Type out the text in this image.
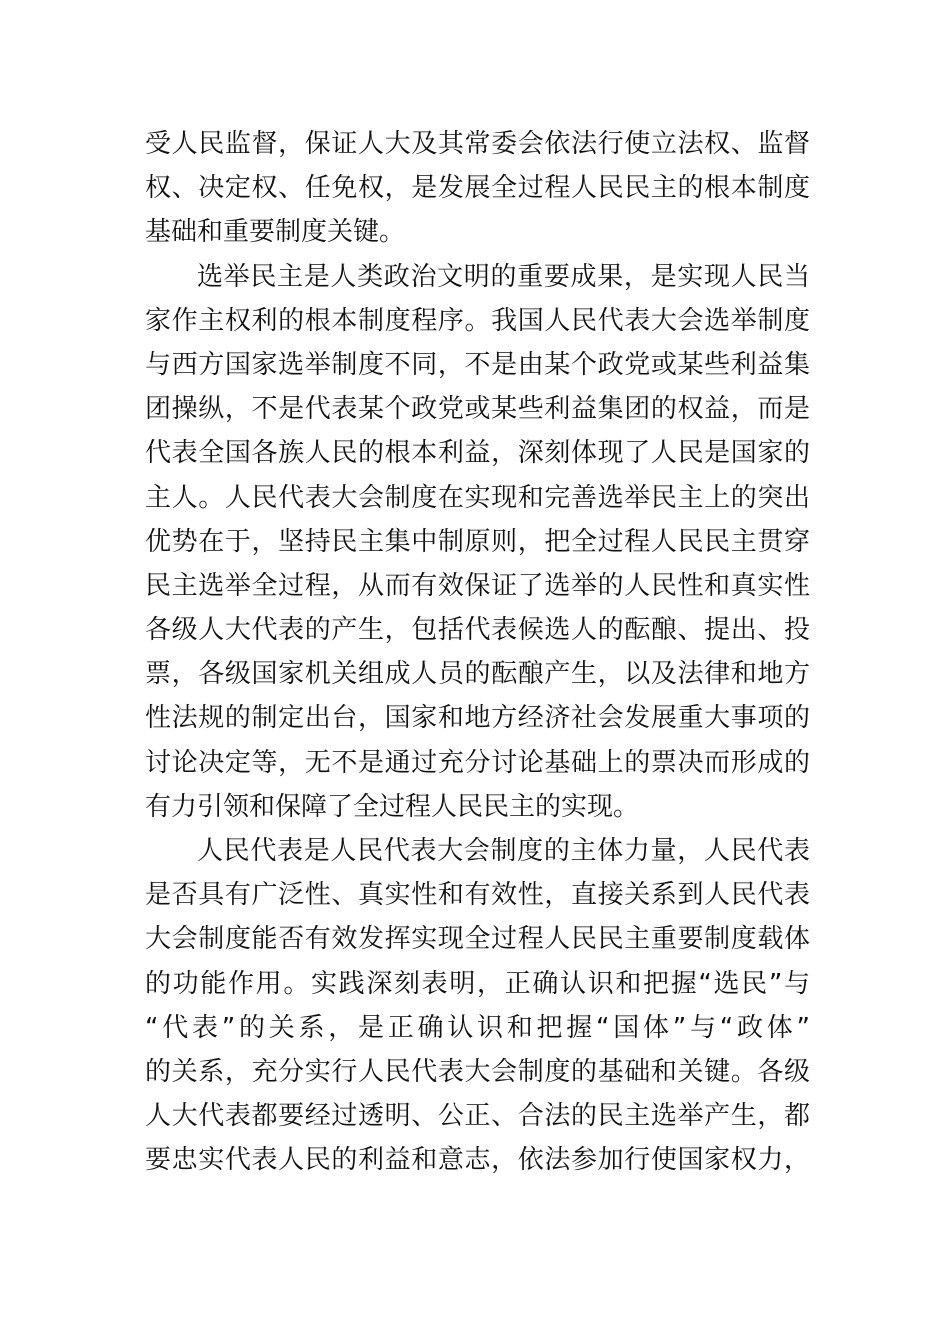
受人民监督，保证人大及其常委会依法行使立法权、监督
权、决定权、任免权，是发展全过程人民民主的根本制度
基础和重要制度关键。
选举民主是人类政治文明的重要成果，是实现人民当
家作主权利的根本制度程序。我国人民代表大会选举制度
与西方国家选举制度不同，不是由某个政党或某些利益集
团操纵，不是代表某个政党或某些利益集团的权益，而是
代表全国各族人民的根本利益，深刻体现了人民是国家的
主人。人民代表大会制度在实现和完善选举民主上的突出
优势在于，坚持民主集中制原则，把全过程人民民主贯穿
民主选举全过程，从而有效保证了选举的人民性和真实性
各级人大代表的产生，包括代表候选人的酝酿、提出、投
票，各级国家机关组成人员的酝酿产生，以及法律和地方
性法规的制定出台，国家和地方经济社会发展重大事项的
讨论决定等，无不是通过充分讨论基础上的票决而形成的
有力引领和保障了全过程人民民主的实现。
人民代表是人民代表大会制度的主体力量，人民代表
是否具有广泛性、真实性和有效性，直接关系到人民代表
大会制度能否有效发挥实现全过程人民民主重要制度载体
的功能作用。实践深刻表明，正确认识和把握“选民”与
“代表”的关系，是正确认识和把握“国体”与“政体”
的关系，充分实行人民代表大会制度的基础和关键。各级
人大代表都要经过透明、公正、合法的民主选举产生，都
要忠实代表人民的利益和意志，依法参加行使国家权力，
